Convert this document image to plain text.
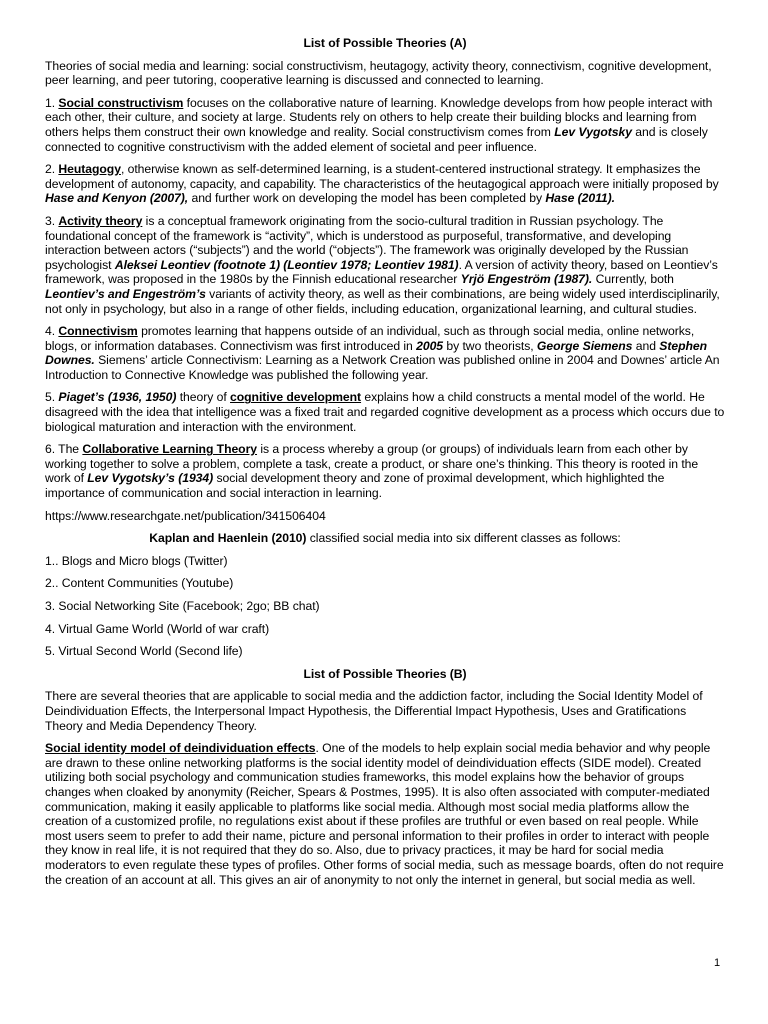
List of Possible Theories (A)

Theories of social media and learning: social constructivism, heutagogy, activity theory, connectivism, cognitive development, peer learning, and peer tutoring, cooperative learning is discussed and connected to learning.

1. Social constructivism focuses on the collaborative nature of learning. Knowledge develops from how people interact with each other, their culture, and society at large. Students rely on others to help create their building blocks and learning from others helps them construct their own knowledge and reality. Social constructivism comes from Lev Vygotsky and is closely connected to cognitive constructivism with the added element of societal and peer influence.

2. Heutagogy, otherwise known as self-determined learning, is a student-centered instructional strategy. It emphasizes the development of autonomy, capacity, and capability. The characteristics of the heutagogical approach were initially proposed by Hase and Kenyon (2007), and further work on developing the model has been completed by Hase (2011).

3. Activity theory is a conceptual framework originating from the socio-cultural tradition in Russian psychology. The foundational concept of the framework is “activity”, which is understood as purposeful, transformative, and developing interaction between actors (“subjects”) and the world (“objects”). The framework was originally developed by the Russian psychologist Aleksei Leontiev (footnote 1) (Leontiev 1978; Leontiev 1981). A version of activity theory, based on Leontiev’s framework, was proposed in the 1980s by the Finnish educational researcher Yrjö Engeström (1987). Currently, both Leontiev’s and Engeström’s variants of activity theory, as well as their combinations, are being widely used interdisciplinarily, not only in psychology, but also in a range of other fields, including education, organizational learning, and cultural studies.

4. Connectivism promotes learning that happens outside of an individual, such as through social media, online networks, blogs, or information databases. Connectivism was first introduced in 2005 by two theorists, George Siemens and Stephen Downes. Siemens’ article Connectivism: Learning as a Network Creation was published online in 2004 and Downes’ article An Introduction to Connective Knowledge was published the following year.

5. Piaget’s (1936, 1950) theory of cognitive development explains how a child constructs a mental model of the world. He disagreed with the idea that intelligence was a fixed trait and regarded cognitive development as a process which occurs due to biological maturation and interaction with the environment.

6. The Collaborative Learning Theory is a process whereby a group (or groups) of individuals learn from each other by working together to solve a problem, complete a task, create a product, or share one’s thinking. This theory is rooted in the work of Lev Vygotsky’s (1934) social development theory and zone of proximal development, which highlighted the importance of communication and social interaction in learning.

https://www.researchgate.net/publication/341506404

Kaplan and Haenlein (2010) classified social media into six different classes as follows:

1.. Blogs and Micro blogs (Twitter)

2.. Content Communities (Youtube)

3. Social Networking Site (Facebook; 2go; BB chat)

4. Virtual Game World (World of war craft)

5. Virtual Second World (Second life)

List of Possible Theories (B)

There are several theories that are applicable to social media and the addiction factor, including the Social Identity Model of Deindividuation Effects, the Interpersonal Impact Hypothesis, the Differential Impact Hypothesis, Uses and Gratifications Theory and Media Dependency Theory.

Social identity model of deindividuation effects. One of the models to help explain social media behavior and why people are drawn to these online networking platforms is the social identity model of deindividuation effects (SIDE model). Created utilizing both social psychology and communication studies frameworks, this model explains how the behavior of groups changes when cloaked by anonymity (Reicher, Spears & Postmes, 1995). It is also often associated with computer-mediated communication, making it easily applicable to platforms like social media. Although most social media platforms allow the creation of a customized profile, no regulations exist about if these profiles are truthful or even based on real people. While most users seem to prefer to add their name, picture and personal information to their profiles in order to interact with people they know in real life, it is not required that they do so. Also, due to privacy practices, it may be hard for social media moderators to even regulate these types of profiles. Other forms of social media, such as message boards, often do not require the creation of an account at all. This gives an air of anonymity to not only the internet in general, but social media as well.

1
